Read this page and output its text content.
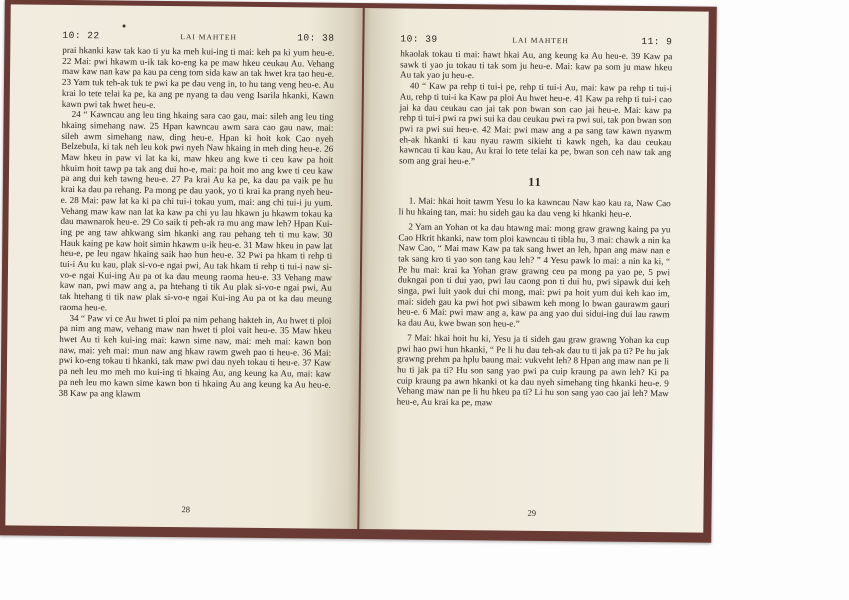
10: 22	LAI MAHTEH	10: 38

prai hkanki kaw tak kao ti yu ka meh kui-ing ti mai: keh pa ki yum heu-e. 22 Mai: pwi hkawm u-ik tak ko-eng ka pe maw hkeu ceukau Au. Vehang maw kaw nan kaw pa kau pa ceng tom sida kaw an tak hwet kra tao heu-e. 23 Yam tuk teh-ak tuk te pwi ka pe dau veng in, to hu tang veng heu-e. Au krai lo tete telai ka pe, ka ang pe nyang ta dau veng Isarila hkanki, Kawn kawn pwi tak hwet heu-e.

24 “ Kawncau ang leu ting hkaing sara cao gau, mai: sileh ang leu ting hkaing simehang naw. 25 Hpan kawncau awm sara cao gau naw, mai: sileh awm simehang naw, ding heu-e. Hpan ki hoit kok Cao nyeh Belzebula, ki tak neh leu kok pwi nyeh Naw hkaing in meh ding heu-e. 26 Maw hkeu in paw vi lat ka ki, maw hkeu ang kwe ti ceu kaw pa hoit hkuim hoit tawp pa tak ang dui ho-e, mai: pa hoit mo ang kwe ti ceu kaw pa ang dui keh tawng heu-e. 27 Pa krai Au ka pe, ka dau pa vaik pe hu krai ka dau pa rehang. Pa mong pe dau yaok, yo ti krai ka prang nyeh heu-e. 28 Mai: paw lat ka ki pa chi tui-i tokau yum, mai: ang chi tui-i ju yum. Vehang maw kaw nan lat ka kaw pa chi yu lau hkawn ju hkawm tokau ka dau mawnarok heu-e. 29 Co saik ti peh-ak ra mu ang maw leh? Hpan Kui-ing pe ang taw ahkwang sim hkanki ang rau pehang teh ti mu kaw. 30 Hauk kaing pe kaw hoit simin hkawm u-ik heu-e. 31 Maw hkeu in paw lat heu-e, pe leu ngaw hkaing saik hao hun heu-e. 32 Pwi pa hkam ti rehp ti tui-i Au ku kau, plak si-vo-e ngai pwi, Au tak hkam ti rehp ti tui-i naw si-vo-e ngai Kui-ing Au pa ot ka dau meung raoma heu-e. 33 Vehang maw kaw nan, pwi maw ang a, pa htehang ti tik Au plak si-vo-e ngai pwi, Au tak htehang ti tik naw plak si-vo-e ngai Kui-ing Au pa ot ka dau meung raoma heu-e.

34 “ Paw vi ce Au hwet ti ploi pa nim pehang hakteh in, Au hwet ti ploi pa nim ang maw, vehang maw nan hwet ti ploi vait heu-e. 35 Maw hkeu hwet Au ti keh kui-ing mai: kawn sime naw, mai: meh mai: kawn bon naw, mai: yeh mai: mun naw ang hkaw rawm gweh pao ti heu-e. 36 Mai: pwi ko-eng tokau ti hkanki, tak maw pwi dau nyeh tokau ti heu-e. 37 Kaw pa neh leu mo meh mo kui-ing ti hkaing Au, ang keung ka Au, mai: kaw pa neh leu mo kawn sime kawn bon ti hkaing Au ang keung ka Au heu-e. 38 Kaw pa ang klawm

28
10: 39	LAI MAHTEH	11: 9

hkaolak tokau ti mai: hawt hkai Au, ang keung ka Au heu-e. 39 Kaw pa sawk ti yao ju tokau ti tak som ju heu-e. Mai: kaw pa som ju maw hkeu Au tak yao ju heu-e.

40 “ Kaw pa rehp ti tui-i pe, rehp ti tui-i Au, mai: kaw pa rehp ti tui-i Au, rehp ti tui-i ka Kaw pa ploi Au hwet heu-e. 41 Kaw pa rehp ti tui-i cao jai ka dau ceukau cao jai tak pon bwan son cao jai heu-e. Mai: kaw pa rehp ti tui-i pwi ra pwi sui ka dau ceukau pwi ra pwi sui, tak pon bwan son pwi ra pwi sui heu-e. 42 Mai: pwi maw ang a pa sang taw kawn nyawm eh-ak hkanki ti kau nyau rawm sikieht ti kawk ngeh, ka dau ceukau kawncau ti kau kau, Au krai lo tete telai ka pe, bwan son ceh naw tak ang som ang grai heu-e.”

11

1. Mai: hkai hoit tawm Yesu lo ka kawncau Naw kao kau ra, Naw Cao li hu hkaing tan, mai: hu sideh gau ka dau veng ki hkanki heu-e.

2 Yam an Yohan ot ka dau htawng mai: mong graw grawng kaing pa yu Cao Hkrit hkanki, naw tom ploi kawncau ti tibla hu, 3 mai: chawk a nin ka Naw Cao, “ Mai maw Kaw pa tak sang hwet an leh, hpan ang maw nan e tak sang kro ti yao son tang kau leh? ” 4 Yesu pawk lo mai: a nin ka ki, “ Pe hu mai: krai ka Yohan graw grawng ceu pa mong pa yao pe, 5 pwi dukngai pon ti dui yao, pwi lau caong pon ti dui hu, pwi sipawk dui keh singa, pwi luit yaok dui chi mong, mai: pwi pa hoit yum dui keh kao im, mai: sideh gau ka pwi hot pwi sibawm keh mong lo bwan gaurawm gauri heu-e. 6 Mai: pwi maw ang a, kaw pa ang yao dui sidui-ing dui lau rawm ka dau Au, kwe bwan son heu-e.”

7 Mai: hkai hoit hu ki, Yesu ja ti sideh gau graw grawng Yohan ka cup pwi hao pwi hun hkanki, “ Pe li hu dau teh-ak dau tu ti jak pa ti? Pe hu jak grawng prehm pa hplu baung mai: vukveht leh? 8 Hpan ang maw nan pe li hu ti jak pa ti? Hu son sang yao pwi pa cuip kraung pa awn leh? Ki pa cuip kraung pa awn hkanki ot ka dau nyeh simehang ting hkanki heu-e. 9 Vehang maw nan pe li hu hkeu pa ti? Li hu son sang yao cao jai leh? Maw heu-e, Au krai ka pe, maw

29
